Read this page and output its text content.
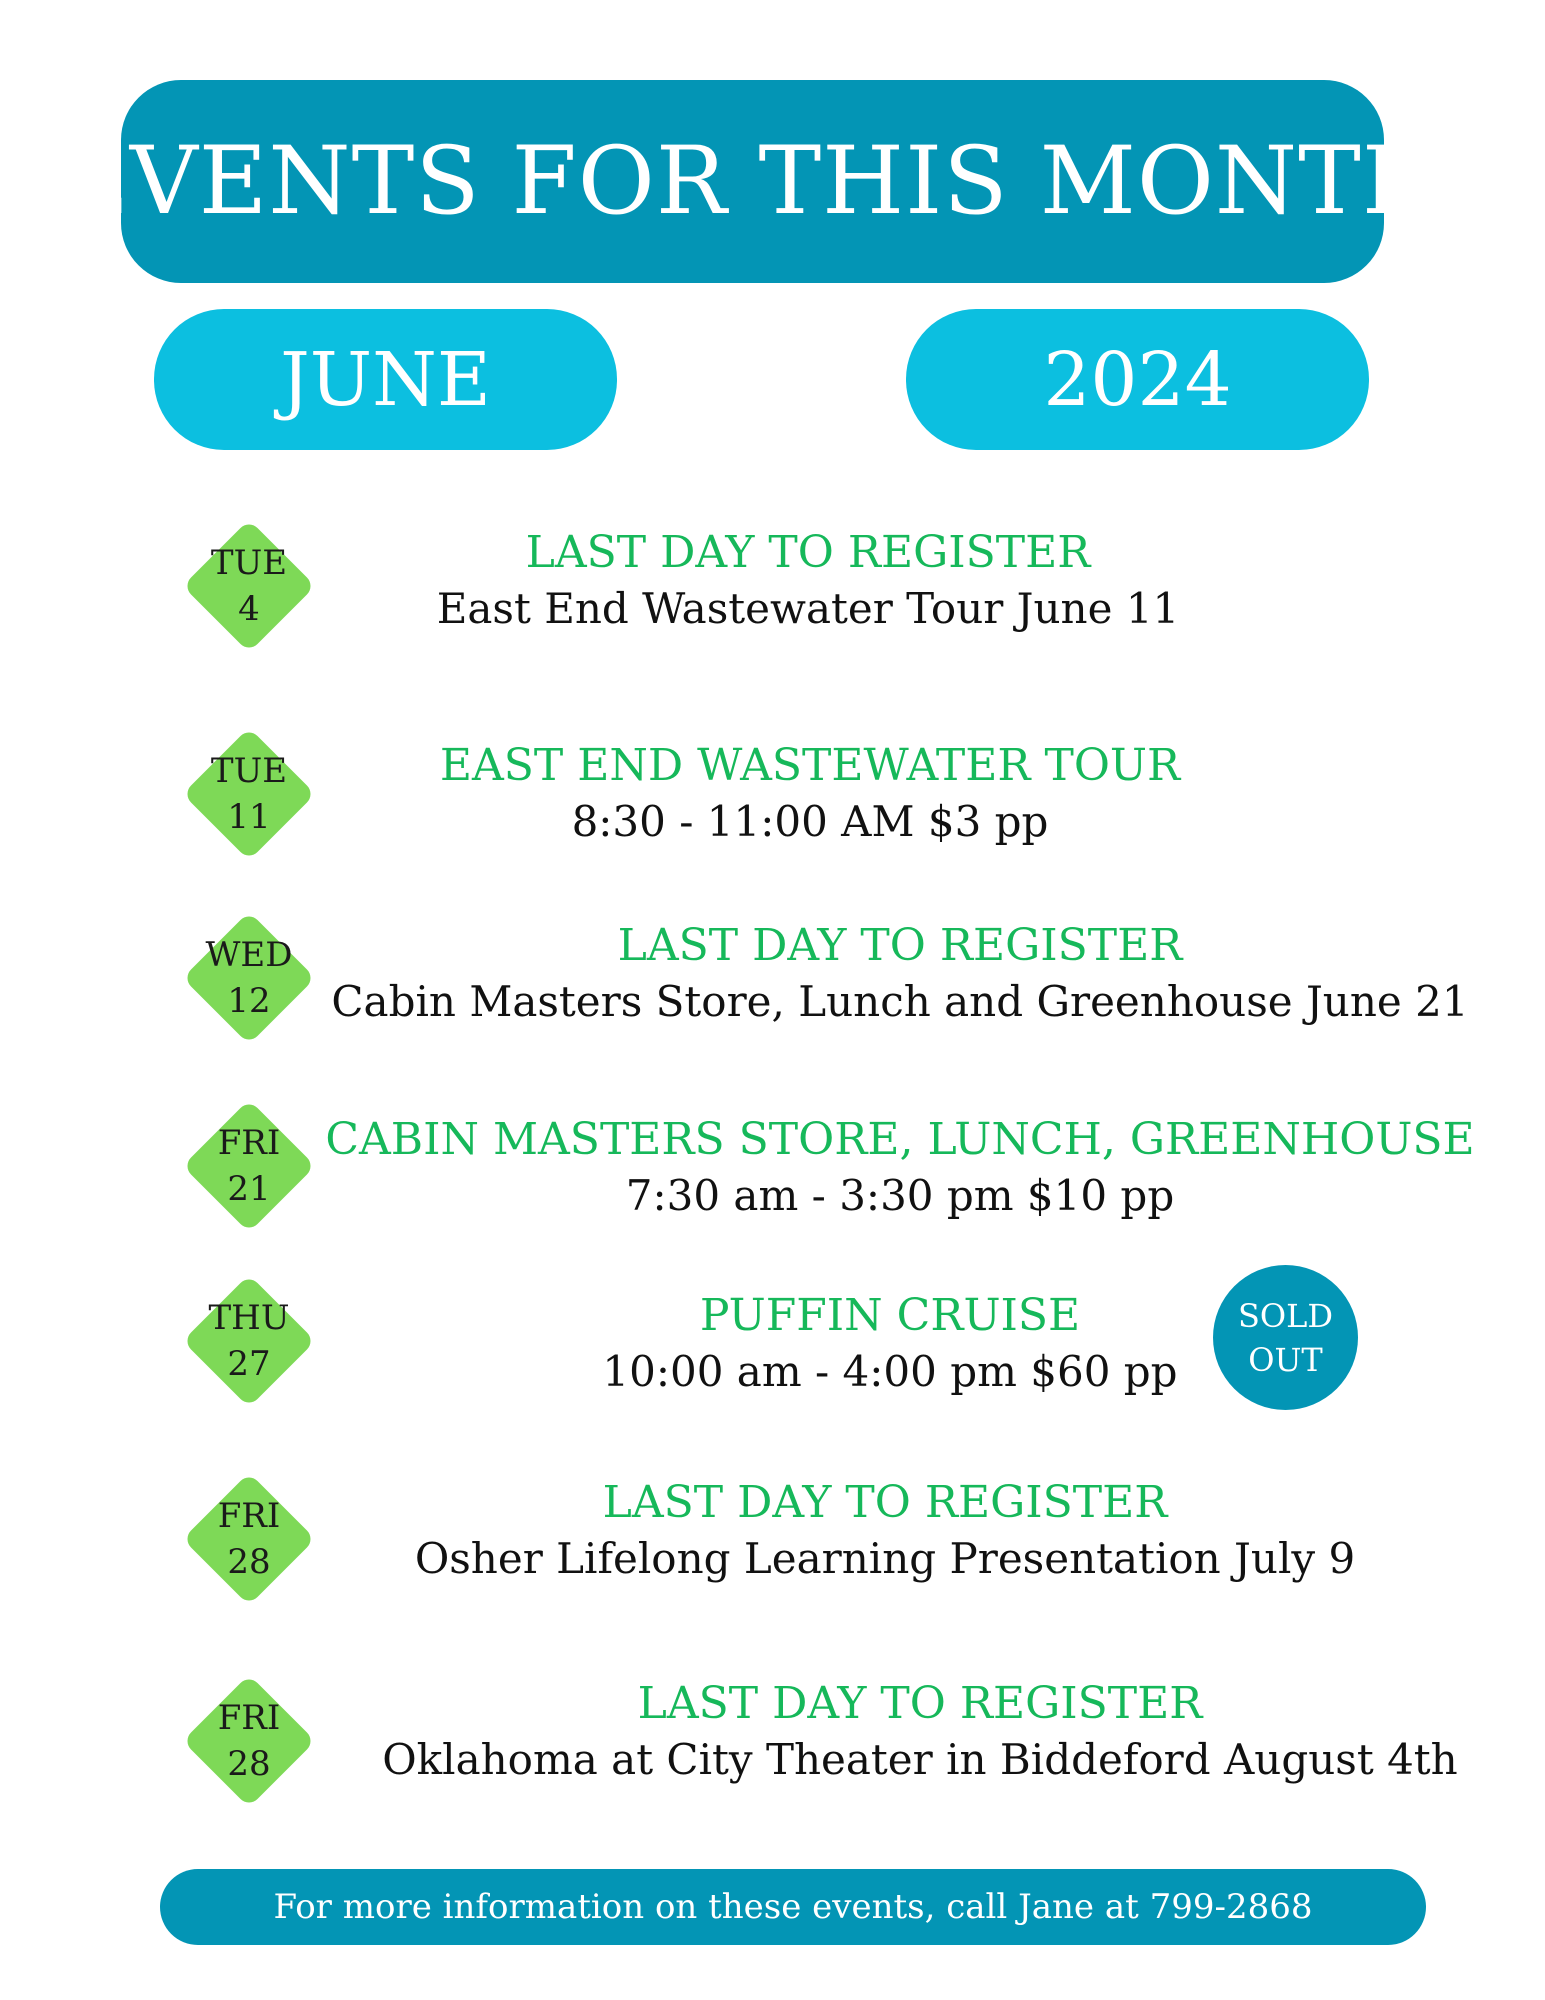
EVENTS FOR THIS MONTH
JUNE	2024
TUE
4
LAST DAY TO REGISTER
East End Wastewater Tour June 11
TUE
11
EAST END WASTEWATER TOUR
8:30 - 11:00 AM $3 pp
WED
12
LAST DAY TO REGISTER
Cabin Masters Store, Lunch and Greenhouse June 21
FRI
21
CABIN MASTERS STORE, LUNCH, GREENHOUSE
7:30 am - 3:30 pm $10 pp
THU
27
PUFFIN CRUISE
10:00 am - 4:00 pm $60 pp
SOLD
OUT
FRI
28
LAST DAY TO REGISTER
Osher Lifelong Learning Presentation July 9
FRI
28
LAST DAY TO REGISTER
Oklahoma at City Theater in Biddeford August 4th
For more information on these events, call Jane at 799-2868
